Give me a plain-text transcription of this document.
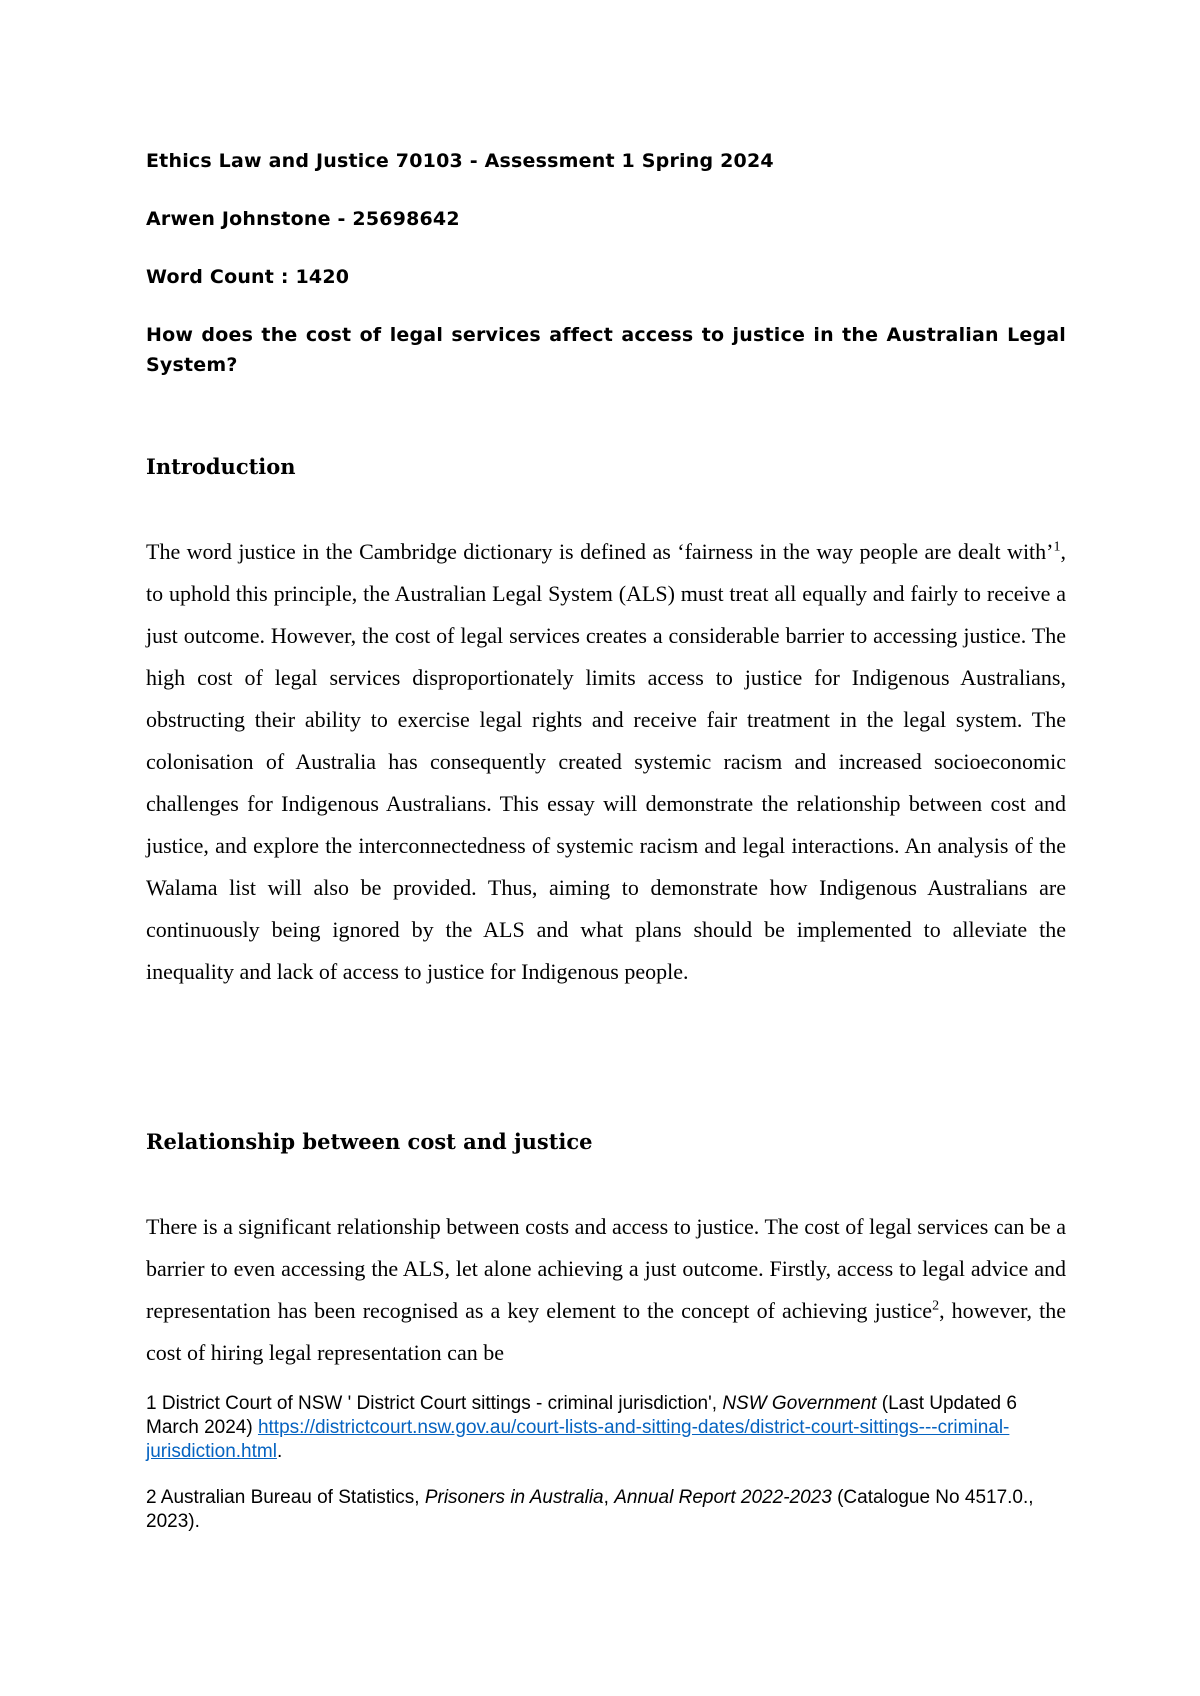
Ethics Law and Justice 70103 - Assessment 1 Spring 2024

Arwen Johnstone - 25698642

Word Count : 1420

How does the cost of legal services affect access to justice in the Australian Legal System?

Introduction

The word justice in the Cambridge dictionary is defined as ‘fairness in the way people are dealt with’$^1$, to uphold this principle, the Australian Legal System (ALS) must treat all equally and fairly to receive a just outcome. However, the cost of legal services creates a considerable barrier to accessing justice. The high cost of legal services disproportionately limits access to justice for Indigenous Australians, obstructing their ability to exercise legal rights and receive fair treatment in the legal system. The colonisation of Australia has consequently created systemic racism and increased socioeconomic challenges for Indigenous Australians. This essay will demonstrate the relationship between cost and justice, and explore the interconnectedness of systemic racism and legal interactions. An analysis of the Walama list will also be provided. Thus, aiming to demonstrate how Indigenous Australians are continuously being ignored by the ALS and what plans should be implemented to alleviate the inequality and lack of access to justice for Indigenous people.

Relationship between cost and justice

There is a significant relationship between costs and access to justice. The cost of legal services can be a barrier to even accessing the ALS, let alone achieving a just outcome. Firstly, access to legal advice and representation has been recognised as a key element to the concept of achieving justice$^2$, however, the cost of hiring legal representation can be

1 District Court of NSW ' District Court sittings - criminal jurisdiction', NSW Government (Last Updated 6 March 2024) https://districtcourt.nsw.gov.au/court-lists-and-sitting-dates/district-court-sittings---criminal-jurisdiction.html.

2 Australian Bureau of Statistics, Prisoners in Australia, Annual Report 2022-2023 (Catalogue No 4517.0., 2023).
